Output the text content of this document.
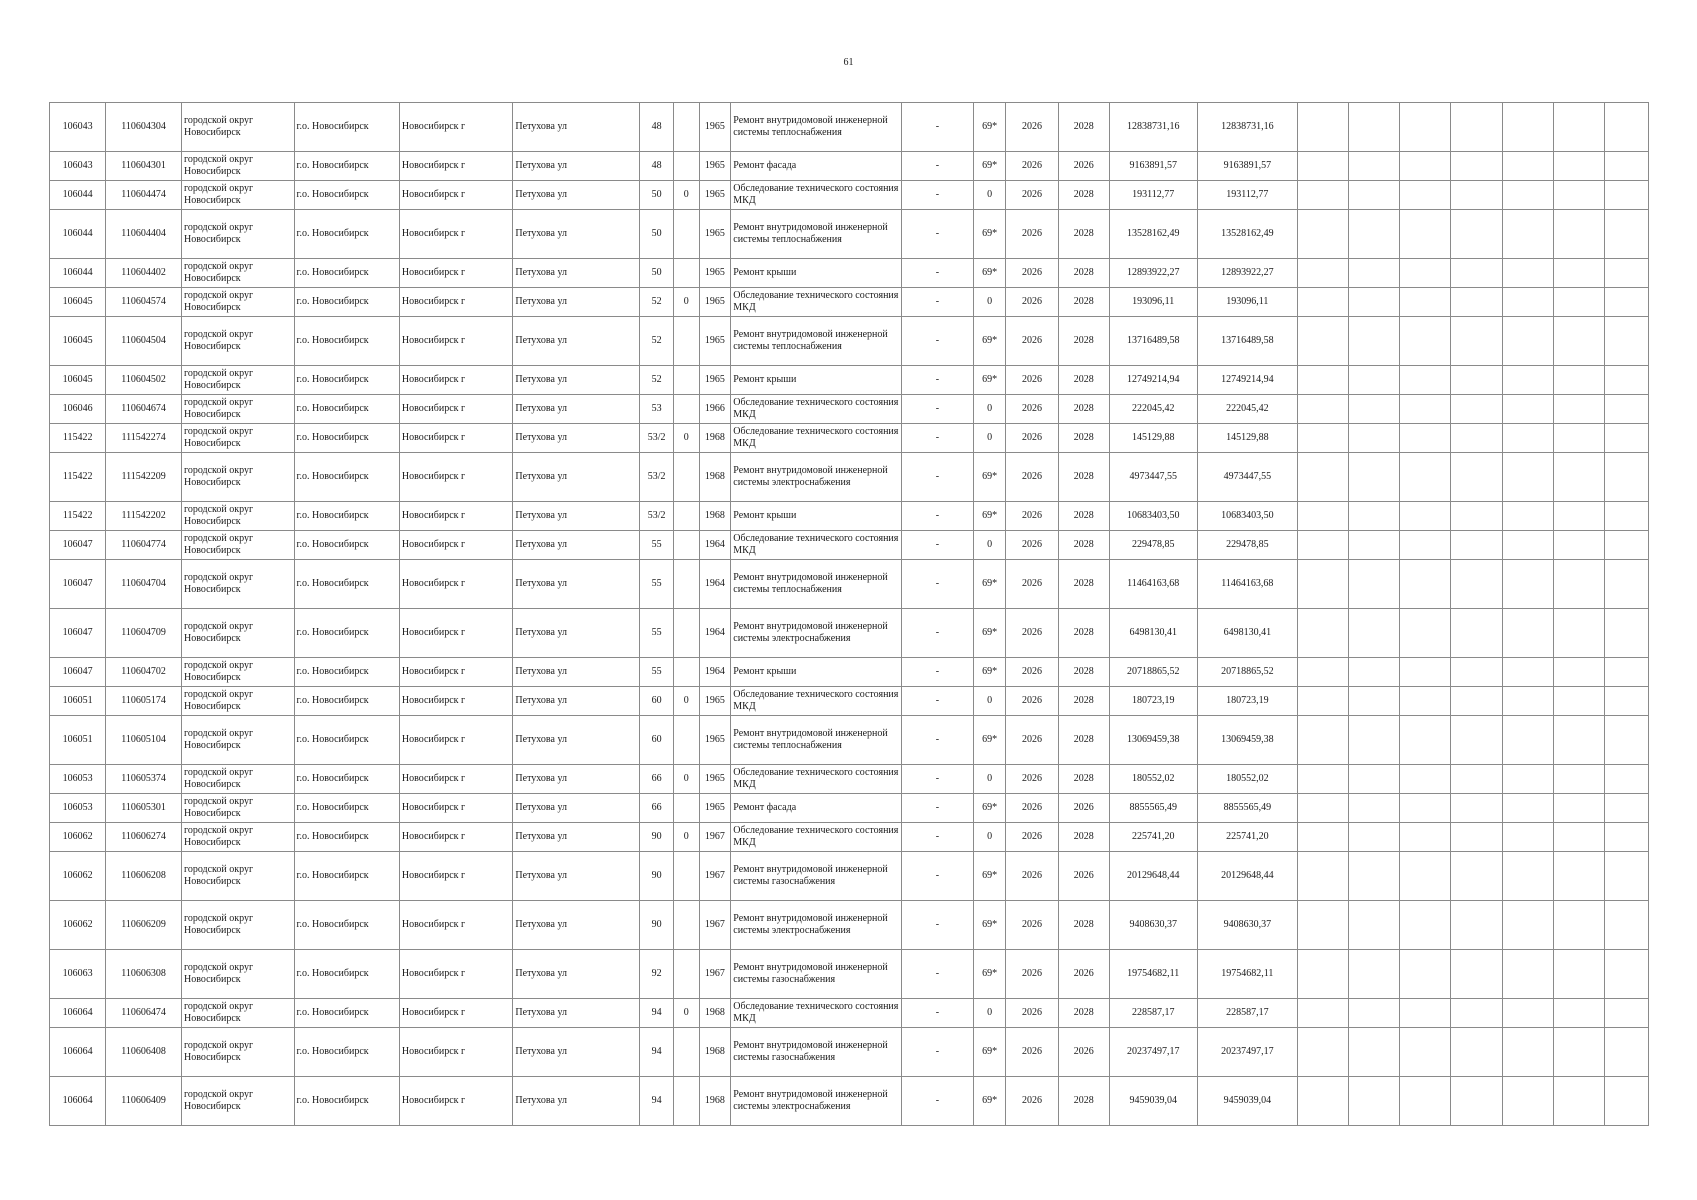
61
106043	110604304	городской округ Новосибирск	г.о. Новосибирск	Новосибирск г	Петухова ул	48		1965	Ремонт внутридомовой инженерной системы теплоснабжения	-	69*	2026	2028	12838731,16	12838731,16							
106043	110604301	городской округ Новосибирск	г.о. Новосибирск	Новосибирск г	Петухова ул	48		1965	Ремонт фасада	-	69*	2026	2026	9163891,57	9163891,57							
106044	110604474	городской округ Новосибирск	г.о. Новосибирск	Новосибирск г	Петухова ул	50	0	1965	Обследование технического состояния МКД	-	0	2026	2028	193112,77	193112,77							
106044	110604404	городской округ Новосибирск	г.о. Новосибирск	Новосибирск г	Петухова ул	50		1965	Ремонт внутридомовой инженерной системы теплоснабжения	-	69*	2026	2028	13528162,49	13528162,49							
106044	110604402	городской округ Новосибирск	г.о. Новосибирск	Новосибирск г	Петухова ул	50		1965	Ремонт крыши	-	69*	2026	2028	12893922,27	12893922,27							
106045	110604574	городской округ Новосибирск	г.о. Новосибирск	Новосибирск г	Петухова ул	52	0	1965	Обследование технического состояния МКД	-	0	2026	2028	193096,11	193096,11							
106045	110604504	городской округ Новосибирск	г.о. Новосибирск	Новосибирск г	Петухова ул	52		1965	Ремонт внутридомовой инженерной системы теплоснабжения	-	69*	2026	2028	13716489,58	13716489,58							
106045	110604502	городской округ Новосибирск	г.о. Новосибирск	Новосибирск г	Петухова ул	52		1965	Ремонт крыши	-	69*	2026	2028	12749214,94	12749214,94							
106046	110604674	городской округ Новосибирск	г.о. Новосибирск	Новосибирск г	Петухова ул	53		1966	Обследование технического состояния МКД	-	0	2026	2028	222045,42	222045,42							
115422	111542274	городской округ Новосибирск	г.о. Новосибирск	Новосибирск г	Петухова ул	53/2	0	1968	Обследование технического состояния МКД	-	0	2026	2028	145129,88	145129,88							
115422	111542209	городской округ Новосибирск	г.о. Новосибирск	Новосибирск г	Петухова ул	53/2		1968	Ремонт внутридомовой инженерной системы электроснабжения	-	69*	2026	2028	4973447,55	4973447,55							
115422	111542202	городской округ Новосибирск	г.о. Новосибирск	Новосибирск г	Петухова ул	53/2		1968	Ремонт крыши	-	69*	2026	2028	10683403,50	10683403,50							
106047	110604774	городской округ Новосибирск	г.о. Новосибирск	Новосибирск г	Петухова ул	55		1964	Обследование технического состояния МКД	-	0	2026	2028	229478,85	229478,85							
106047	110604704	городской округ Новосибирск	г.о. Новосибирск	Новосибирск г	Петухова ул	55		1964	Ремонт внутридомовой инженерной системы теплоснабжения	-	69*	2026	2028	11464163,68	11464163,68							
106047	110604709	городской округ Новосибирск	г.о. Новосибирск	Новосибирск г	Петухова ул	55		1964	Ремонт внутридомовой инженерной системы электроснабжения	-	69*	2026	2028	6498130,41	6498130,41							
106047	110604702	городской округ Новосибирск	г.о. Новосибирск	Новосибирск г	Петухова ул	55		1964	Ремонт крыши	-	69*	2026	2028	20718865,52	20718865,52							
106051	110605174	городской округ Новосибирск	г.о. Новосибирск	Новосибирск г	Петухова ул	60	0	1965	Обследование технического состояния МКД	-	0	2026	2028	180723,19	180723,19							
106051	110605104	городской округ Новосибирск	г.о. Новосибирск	Новосибирск г	Петухова ул	60		1965	Ремонт внутридомовой инженерной системы теплоснабжения	-	69*	2026	2028	13069459,38	13069459,38							
106053	110605374	городской округ Новосибирск	г.о. Новосибирск	Новосибирск г	Петухова ул	66	0	1965	Обследование технического состояния МКД	-	0	2026	2028	180552,02	180552,02							
106053	110605301	городской округ Новосибирск	г.о. Новосибирск	Новосибирск г	Петухова ул	66		1965	Ремонт фасада	-	69*	2026	2026	8855565,49	8855565,49							
106062	110606274	городской округ Новосибирск	г.о. Новосибирск	Новосибирск г	Петухова ул	90	0	1967	Обследование технического состояния МКД	-	0	2026	2028	225741,20	225741,20							
106062	110606208	городской округ Новосибирск	г.о. Новосибирск	Новосибирск г	Петухова ул	90		1967	Ремонт внутридомовой инженерной системы газоснабжения	-	69*	2026	2026	20129648,44	20129648,44							
106062	110606209	городской округ Новосибирск	г.о. Новосибирск	Новосибирск г	Петухова ул	90		1967	Ремонт внутридомовой инженерной системы электроснабжения	-	69*	2026	2028	9408630,37	9408630,37							
106063	110606308	городской округ Новосибирск	г.о. Новосибирск	Новосибирск г	Петухова ул	92		1967	Ремонт внутридомовой инженерной системы газоснабжения	-	69*	2026	2026	19754682,11	19754682,11							
106064	110606474	городской округ Новосибирск	г.о. Новосибирск	Новосибирск г	Петухова ул	94	0	1968	Обследование технического состояния МКД	-	0	2026	2028	228587,17	228587,17							
106064	110606408	городской округ Новосибирск	г.о. Новосибирск	Новосибирск г	Петухова ул	94		1968	Ремонт внутридомовой инженерной системы газоснабжения	-	69*	2026	2026	20237497,17	20237497,17							
106064	110606409	городской округ Новосибирск	г.о. Новосибирск	Новосибирск г	Петухова ул	94		1968	Ремонт внутридомовой инженерной системы электроснабжения	-	69*	2026	2028	9459039,04	9459039,04							
